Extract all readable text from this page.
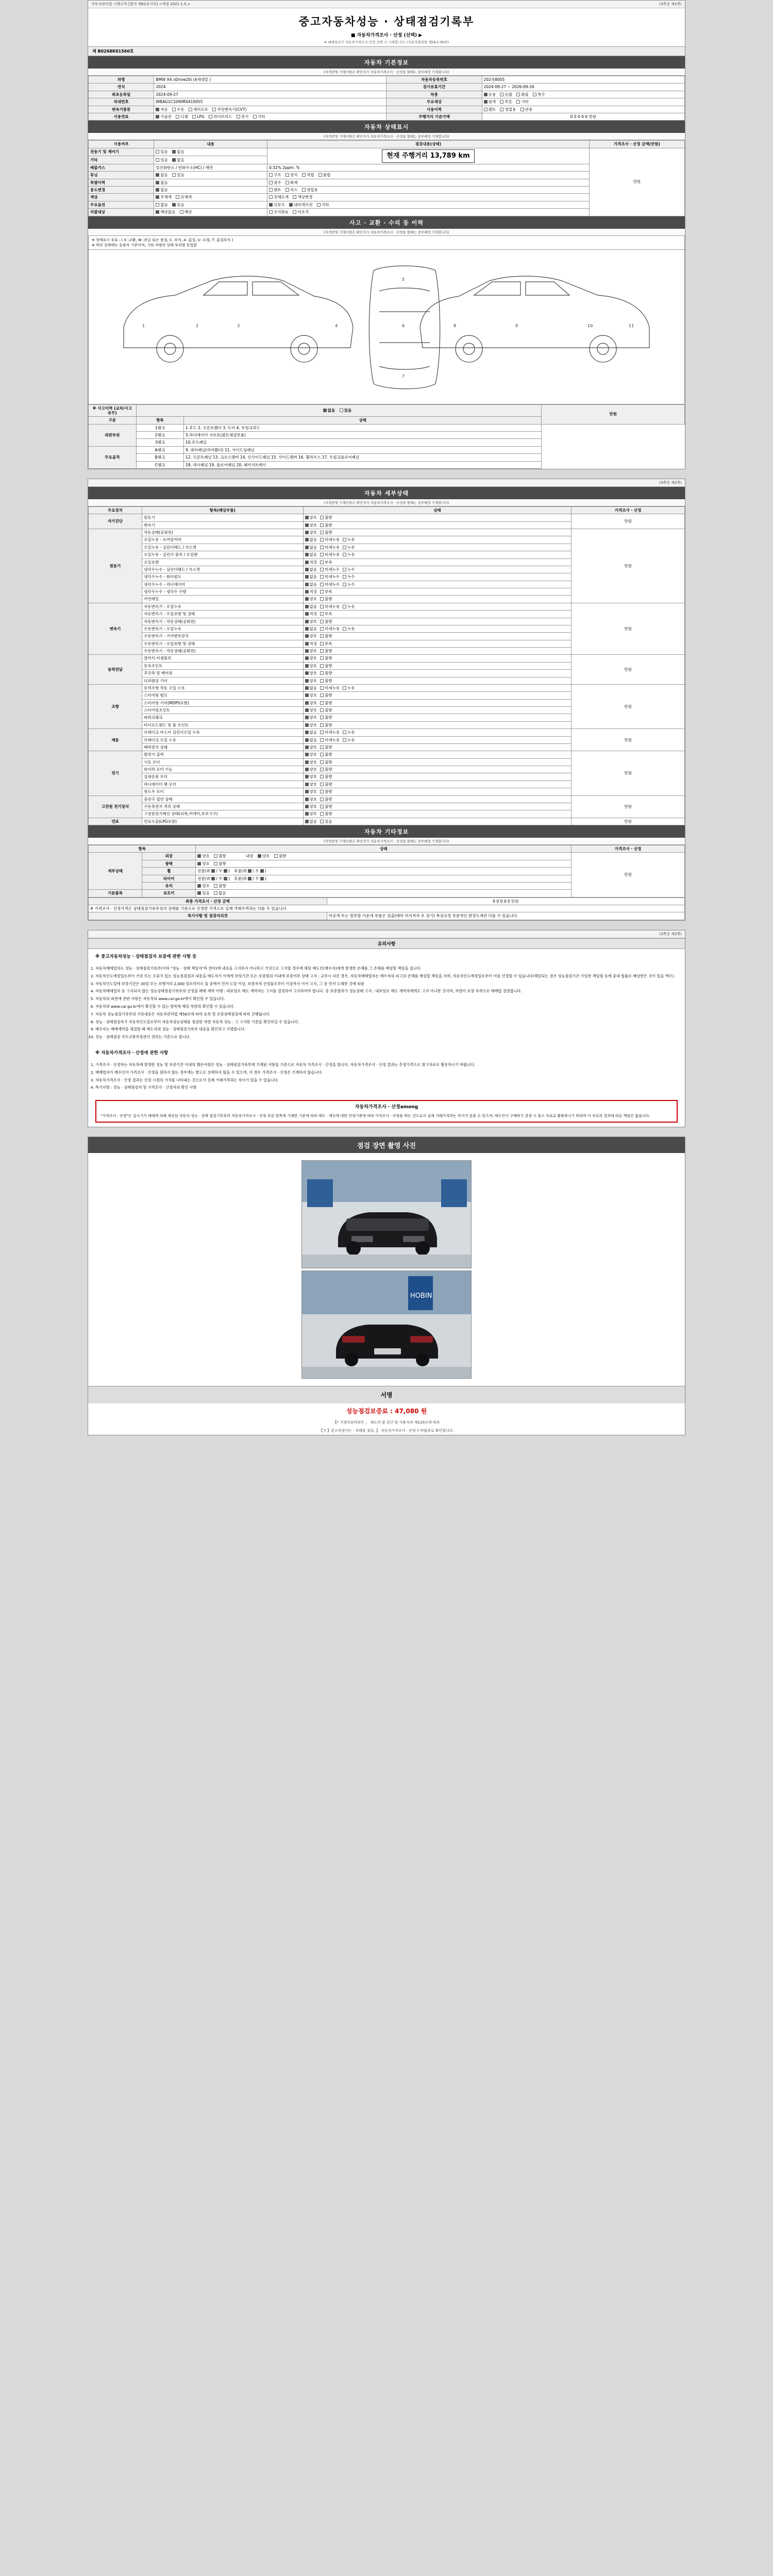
자동차관리법 시행규칙 [별지 제82호서식] <개정 2021.1.5.>	(3쪽중 제1쪽)
중고자동차성능 · 상태점검기록부
■ 자동차가격조사 · 산정 (선택) ▶
※ 매매업자가 자동차가격조사·산정 선택 시 기재합니다. (자동차관리법 제58조제4항)
제 B0268K01560호
자동차 기본정보
(자격증명 기재사항은 확인자가 자동차가격조사 · 산정을 할때는 중부배정 기재합니다)
차명	BMW X4 xDrive20i (4세대말 )	자동차등록번호	202허8005
연식	2024	검사유효기간	2024-09-27 ~ 2026-09-26
최초등록일	2024-09-27	차종	승용 승합 화물 특수
차대번호	WBAG1C1090R0410055	주요색상	원색 투톤 기타
변속기종류	자동 수동 세미오토 무단변속기(CVT)	사용이력	렌트 영업용 관용
사용연료	가솔린 디젤 LPG 하이브리드 전기 기타	주행거리 기준가액	0 0 0 0 0 만원
자동차 상태표시
(자격증명 기재사항은 확인자가 자동차가격조사 · 산정을 할때는 중부배정 기재합니다)
사용여부	내용	점검내용(상태)	가격조사 · 산정 금액(만원)
전동기 및 제어기	있음 없음	현재 주행거리 13,789 km	만원
기타	있음 없음		
배출가스	일산화탄소 / 탄화수소(HC) / 매연	0.32% 2ppm. %	
튜닝	없음 있음	구조 장치 적법 불법	
특별이력	없음	침수 화재	
용도변경	없음	렌트 리스 영업용	
색상	무채색 유채색	전체도색 색상변경	
주요옵션	없음 있음	선루프 내비게이션 기타	
리콜대상	해당없음 해당	조치완료 미조치	
사고 · 교환 · 수리 등 이력
(자격증명 기재사항은 확인자가 자동차가격조사 · 산정을 할때는 중부배정 기재합니다)
※ 상태표시 부호 : ( X :교환, W :판금 또는 용접, C :부식, A :흠집, U :요철, T :흠집부식 )
※ 하단 상태에는 승용차 기준이며, 기타 차량의 상태 부위별 동일함
1	2	3	4
5
6
7
8	9	10	11
※ 사고이력 (교차/사고 유무)	없음 있음		만원
구분	항목	상태	
외판부위	1랭크	1.후드 2. 프론트휀더 3. 도어 4. 트렁크리드	
	2랭크	5.라디에이터 서포트(볼트체결부품)	
	3랭크	10.루프패널	
주요골격	A랭크	9. 쿼터패널(리어휀더) 11. 사이드실패널	
	B랭크	12. 프론트패널 13. 크로스멤버 14. 인사이드패널 15. 사이드멤버 16. 휠하우스 17. 트렁크플로어패널	
	C랭크	18. 대시패널 19. 플로어패널 20. 패키지트레이	
(3쪽중 제2쪽)
자동차 세부상태
(자격증명 기재사항은 확인자가 자동차가격조사 · 산정을 할때는 중부배정 기재합니다)
주요장치	항목(해당부품)	상태	가격조사 · 산정
자기진단	원동기	양호 불량	만원
	변속기	양호 불량	
원동기	작동상태(공회전)	양호 불량	만원
	오일누유 - 로커암커버	없음 미세누유 누유	
	오일누유 - 실린더헤드 / 가스켓	없음 미세누유 누유	
	오일누유 - 실린더 블록 / 오일팬	없음 미세누유 누유	
	오일유량	적정 부족	
	냉각수누수 - 실린더헤드 / 가스켓	없음 미세누수 누수	
	냉각수누수 - 워터펌프	없음 미세누수 누수	
	냉각수누수 - 라디에이터	없음 미세누수 누수	
	냉각수누수 - 냉각수 수량	적정 부족	
	커먼레일	양호 불량	
변속기	자동변속기 - 오일누유	없음 미세누유 누유	만원
	자동변속기 - 오일유량 및 상태	적정 부족	
	자동변속기 - 작동상태(공회전)	양호 불량	
	수동변속기 - 오일누유	없음 미세누유 누유	
	수동변속기 - 기어변속장치	양호 불량	
	수동변속기 - 오일유량 및 상태	적정 부족	
	수동변속기 - 작동상태(공회전)	양호 불량	
동력전달	클러치 어셈블리	양호 불량	만원
	등속조인트	양호 불량	
	추진축 및 베어링	양호 불량	
	디퍼렌셜 기어	양호 불량	
조향	동력조향 작동 오일 누유	없음 미세누유 누유	만원
	스티어링 펌프	양호 불량	
	스티어링 기어(MDPS포함)	양호 불량	
	스티어링조인트	양호 불량	
	파워크랭크	양호 불량	
	타이로드엔드 및 볼 조인트	양호 불량	
제동	브레이크 마스터 실린더오일 누유	없음 미세누유 누유	만원
	브레이크 오일 누유	없음 미세누유 누유	
	배력장치 상태	양호 불량	
전기	발전기 출력	양호 불량	만원
	시동 모터	양호 불량	
	와이퍼 모터 기능	양호 불량	
	실내송풍 모터	양호 불량	
	라디에이터 팬 모터	양호 불량	
	윈도우 모터	양호 불량	
고전원 전기장치	충전구 절연 상태	양호 불량	만원
	구동축전지 격리 상태	양호 불량	
	고전원전기배선 상태(피복,커넥터,보호기구)	양호 불량	
연료	연료누출(LPG포함)	없음 있음	만원
자동차 기타정보
(자격증명 기재사항은 확인자가 자동차가격조사 · 산정을 할때는 중부배정 기재합니다)
항목		상태	가격조사 · 산정
세부상태	외장	양호 불량 내장 양호 불량	만원
	광택	양호 불량	
	휠	전륜(좌 / 우 ) 후륜(좌 / 우 )	
	타이어	전륜(좌 / 우 ) 후륜(좌 / 우 )	
	유리	양호 불량	
기본품목	보조키	있음 없음	
최종 가격조사 · 산정 금액	0 0 0 0 0 만원
※ 가격조사 · 산정가격은 상태점검기록부상의 상태를 기준으로 산정한 가격으로 실제 거래가격과는 다를 수 있습니다.	
특기사항 및 점검자의견	비공색 또는 할부할 가운데 부품은 검출(레미 비지저자 호 검기) 특검규정 부분적인 판정도세관 다를 수 있습니다.
(3쪽중 제3쪽)
유의사항
※ 중고자동차성능 · 상태점검자 보증에 관한 사항 등
1. 자동차매매업자는 성능 · 상태점검기록부(이하 "성능 · 상태 책임자"라 한다)에 내용을 고지하지 아니하고 거짓으로 고지할 경우에 해당 매도인(매수자)에게 발생한 손해를 그 손해를 배상할 책임을 집니다.
2. 자동차인도예정일로부터 거짓 또는 오류가 있는 성능점검결과 내용을 매도자가 이에게 보험기간 또는 보증범위 이내에 보증여부 상태 고지 : 교부시 다른 경우, 자동차매매업자는 매수자의 피고의 손해를 배상할 책임을 지며, 자동차인도예정일로부터 이를 산정할 수 있습니다(해당되는 경우 성능점검기간 기임한 책임범 등에 중대 법률로 배상받은 것이 있음 액수).
3. 자동차인도일에 보증기간은 30일 또는 보행거리 2,000 킬로미터로 둘 중에서 먼저 도달 이상, 보증자적 선정물로부터 이상까지 이어 고지, 그 중 먼저 도래한 것에 따름
4. 자동차매매업자 등 고지되지 않는 성능상태점검기록부의 산정을 매매 계약 이행 : 내보임로 매도 계약자는 고지를 결정하여 고지하여야 합니다. 중 보증범위가 성능상태 고지 : 내보임로 매도 계약자에게도 고지 아니한 것이며, 차량이 보장 자격으로 매매법 결정합니다.
5. 자동차의 외판에 관한 사항은 자동차의 www.car.go.kr에서 확인할 수 있습니다.
6. 자동차의 www.car.go.kr에서 확인할 수 있는 항목에 해당 차량의 확인할 수 있습니다.
7. 자동차 성능점검기록부의 기록내용은 자동차관리법 제58조에 따라 등록 및 보증상태점검에 따라 진행됩니다.
8. 성능 · 상태점검자가 자동차인도일로부터 자동차성능상태를 점검한 차량 자동차 성능 : 그 고지한 기준을 확인하실 수 있습니다.
9. 매수자는 매매계약을 체결할 때 매도자의 성능 · 상태점검기록부 내용을 확인하고 서명합니다.
10. 성능 · 상태점검 국토교통부장관이 정하는 기준으로 합니다.
※ 자동차가격조사 · 산정에 관한 사항
1. 가격조사 · 산정자는 자동차에 발생한 성능 및 보증기간 이내의 훼손사항은 성능 · 상태점검기록부에 기재된 사항을 기준으로 자동차 가격조사 · 산정을 합니다. 자동차가격조사 · 산정 결과는 추정가격으로 참고자료로 활용하시기 바랍니다.
2. 매매업자가 매수인이 가격조사 · 산정을 원하지 않는 경우에는 별도로 선택하지 않을 수 있으며, 이 경우 가격조사 · 산정은 기재하지 않습니다.
3. 자동차가격조사 · 산정 결과는 산정 시점의 가치를 나타내는 것으로서 실제 거래가격과는 차이가 있을 수 있습니다.
4. 특기사항 : 성능 · 상태점검자 및 가격조사 · 산정자의 확인 사항
자동차가격조사 · 산정among
"가격조사 · 산정"은 실시기가 매매에 의해 제공된 자동차 성능 · 상태 점검기록부의 자동차가격조사 · 산정 부분 항목에 기재한 기준에 따라 매도 · 매수에 대한 산정기준에 따라 가격조사 · 산정을 하는 것으로서 실제 거래가격과는 차이가 있을 수 있으며, 매수인이 구매하기 결정 시 참고 자료로 활용하시기 바라며 이 자료의 결과에 따른 책임은 없습니다.
점검 장면 촬영 사진
HOBIN
서명
성능점검보증료 : 47,080 원
【* 가정자료비판은 」 제도의 및 공단 및 사용자의 제120조에 따라
【 Y 】중고차검사는 · 상태를 점검, 】 자동차가격조사 · 산정 } 바랍과로 확인합니다.
